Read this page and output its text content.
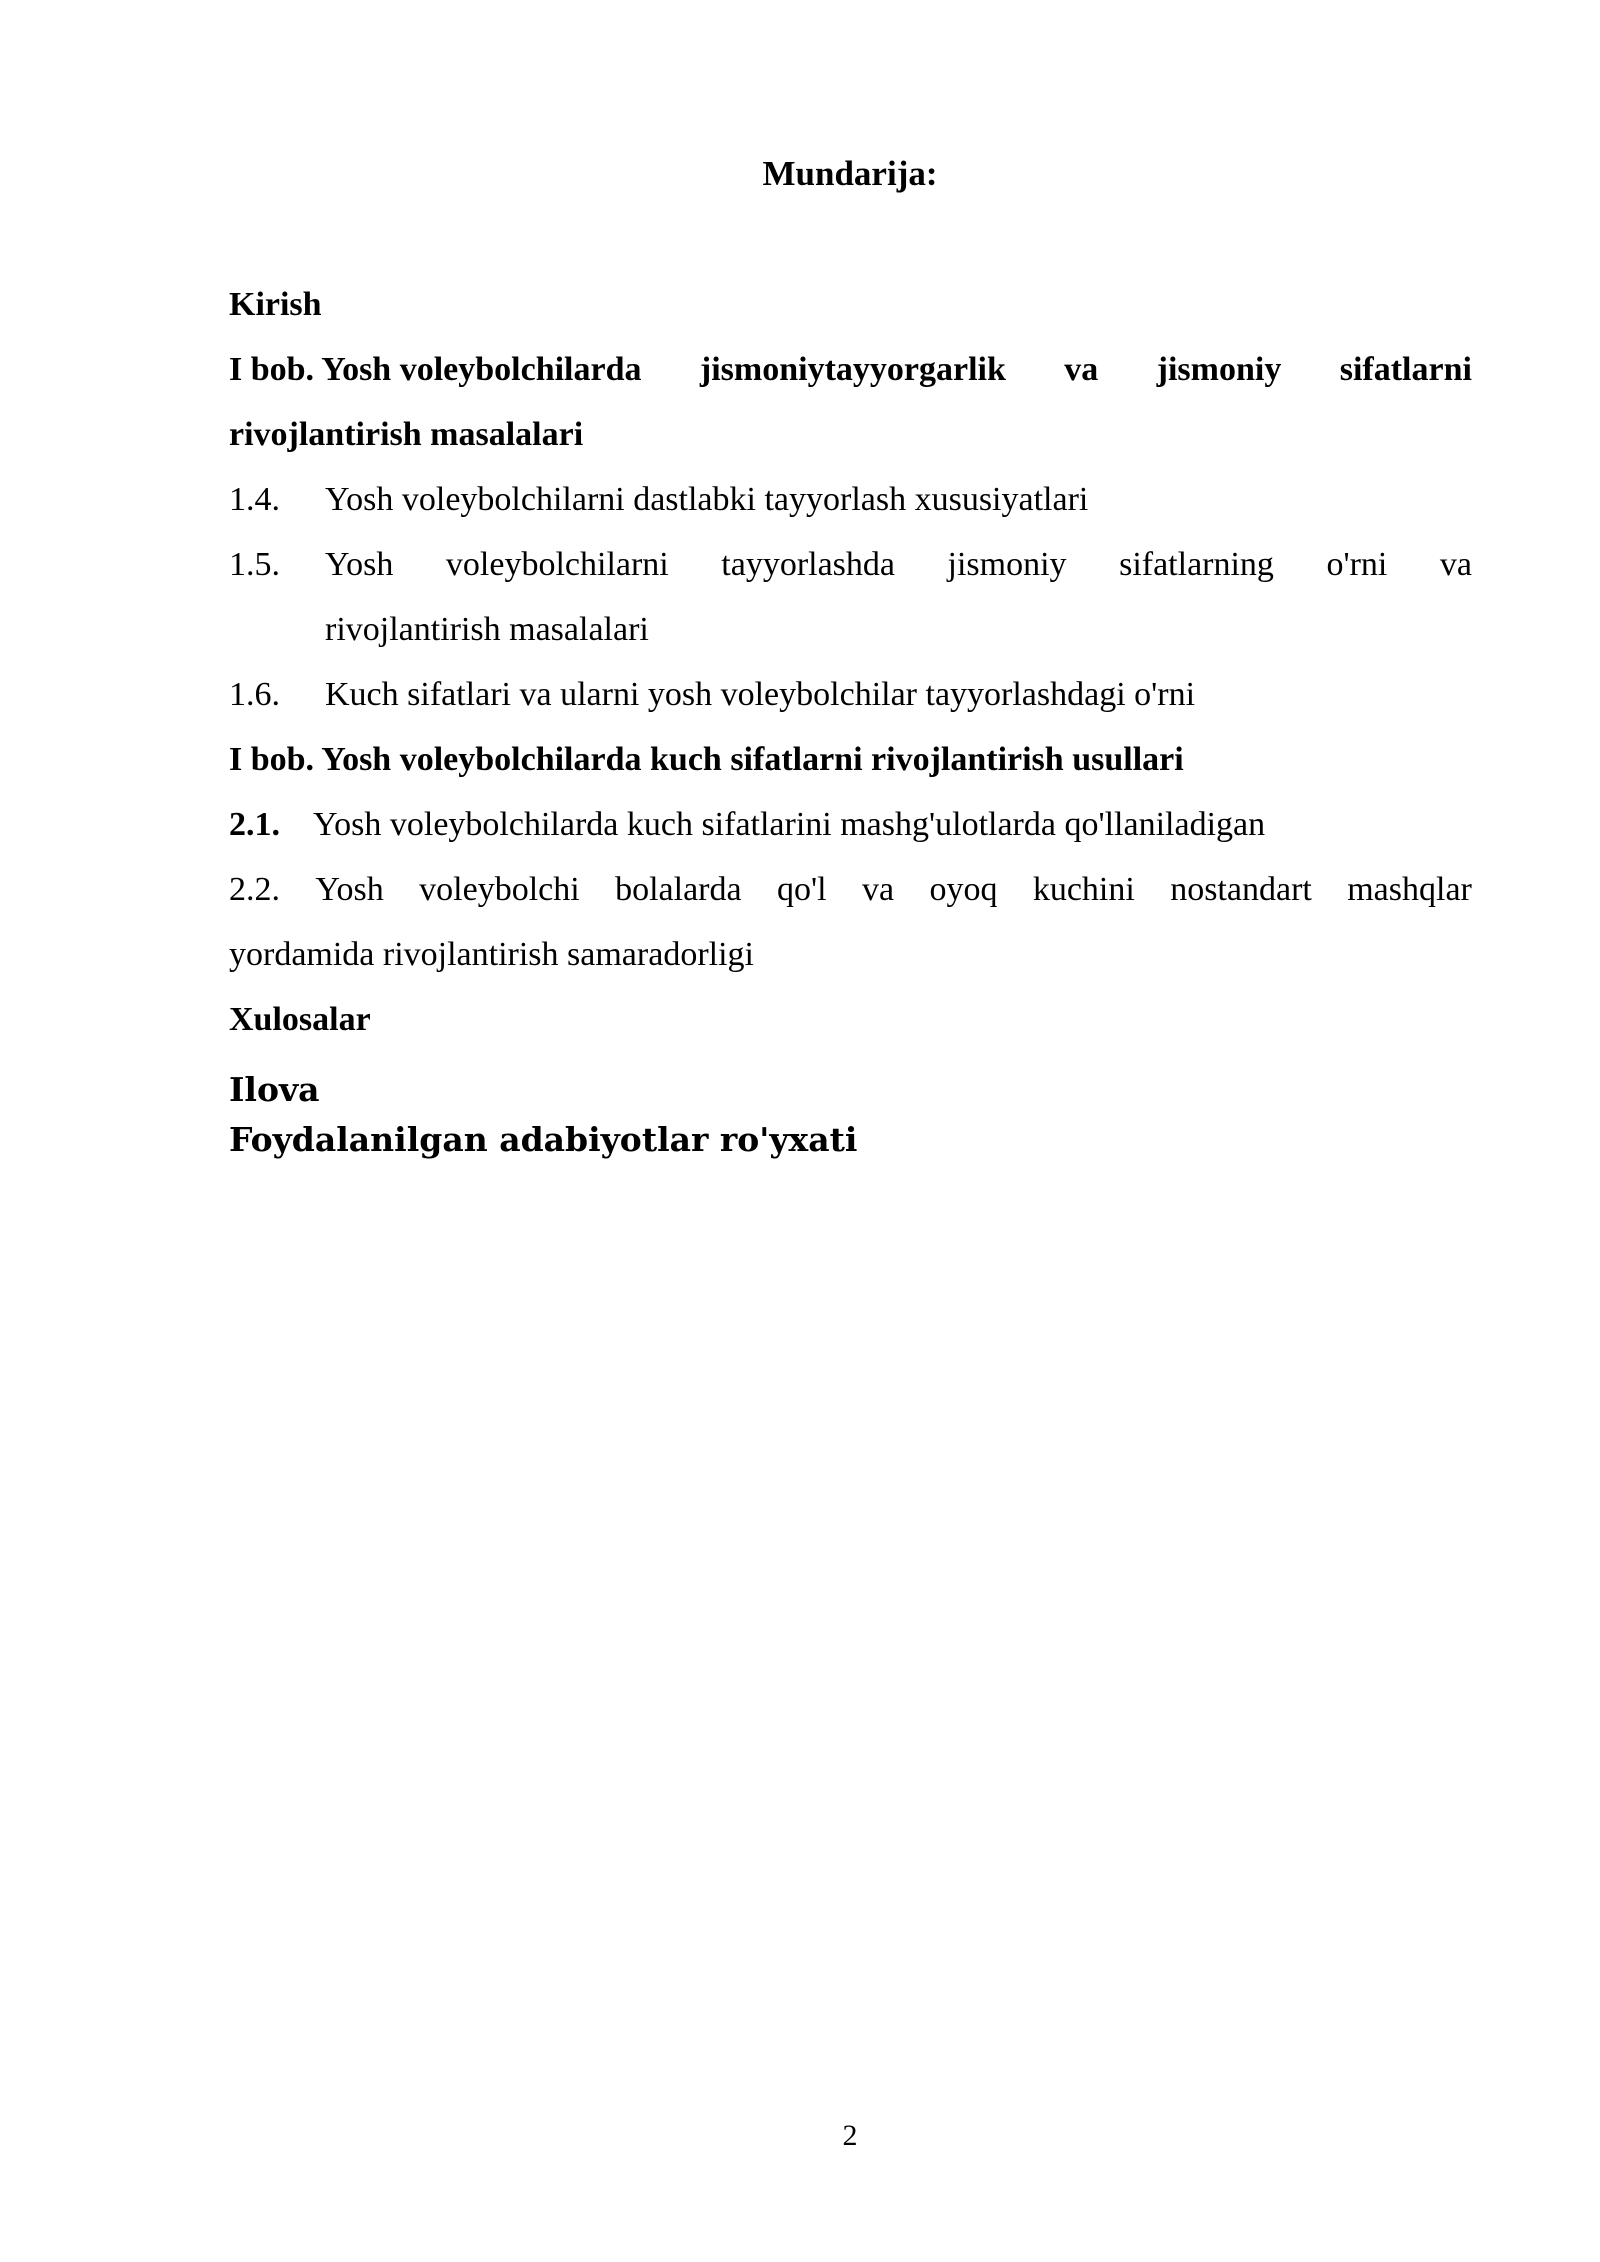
Mundarija:
Kirish
I bob. Yosh voleybolchilarda jismoniytayyorgarlik va jismoniy sifatlarni
rivojlantirish masalalari
1.4. Yosh voleybolchilarni dastlabki tayyorlash xususiyatlari
1.5. Yosh voleybolchilarni tayyorlashda jismoniy sifatlarning o'rni va
rivojlantirish masalalari
1.6. Kuch sifatlari va ularni yosh voleybolchilar tayyorlashdagi o'rni
I bob. Yosh voleybolchilarda kuch sifatlarni rivojlantirish usullari
2.1. Yosh voleybolchilarda kuch sifatlarini mashg'ulotlarda qo'llaniladigan
2.2. Yosh voleybolchi bolalarda qo'l va oyoq kuchini nostandart mashqlar
yordamida rivojlantirish samaradorligi
Xulosalar
Ilova
Foydalanilgan adabiyotlar ro'yxati
2
